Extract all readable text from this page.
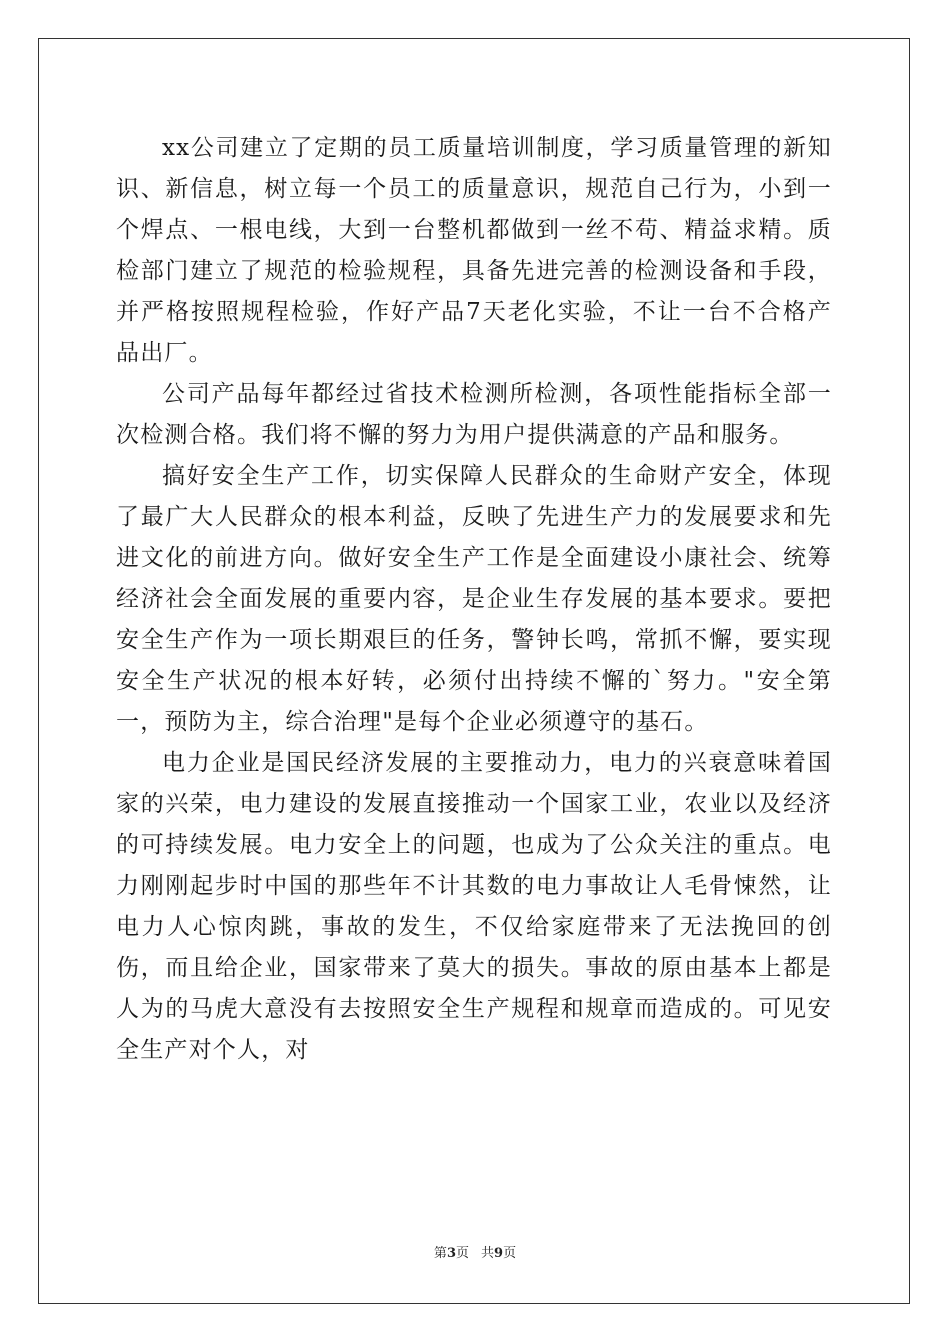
xx公司建立了定期的员工质量培训制度，学习质量管理的新知识、新信息，树立每一个员工的质量意识，规范自己行为，小到一个焊点、一根电线，大到一台整机都做到一丝不苟、精益求精。质检部门建立了规范的检验规程，具备先进完善的检测设备和手段，并严格按照规程检验，作好产品7天老化实验，不让一台不合格产品出厂。

公司产品每年都经过省技术检测所检测，各项性能指标全部一次检测合格。我们将不懈的努力为用户提供满意的产品和服务。

搞好安全生产工作，切实保障人民群众的生命财产安全，体现了最广大人民群众的根本利益，反映了先进生产力的发展要求和先进文化的前进方向。做好安全生产工作是全面建设小康社会、统筹经济社会全面发展的重要内容，是企业生存发展的基本要求。要把安全生产作为一项长期艰巨的任务，警钟长鸣，常抓不懈，要实现安全生产状况的根本好转，必须付出持续不懈的`努力。"安全第一，预防为主，综合治理"是每个企业必须遵守的基石。

电力企业是国民经济发展的主要推动力，电力的兴衰意味着国家的兴荣，电力建设的发展直接推动一个国家工业，农业以及经济的可持续发展。电力安全上的问题，也成为了公众关注的重点。电力刚刚起步时中国的那些年不计其数的电力事故让人毛骨悚然，让电力人心惊肉跳，事故的发生，不仅给家庭带来了无法挽回的创伤，而且给企业，国家带来了莫大的损失。事故的原由基本上都是人为的马虎大意没有去按照安全生产规程和规章而造成的。可见安全生产对个人，对

第3页 共9页
